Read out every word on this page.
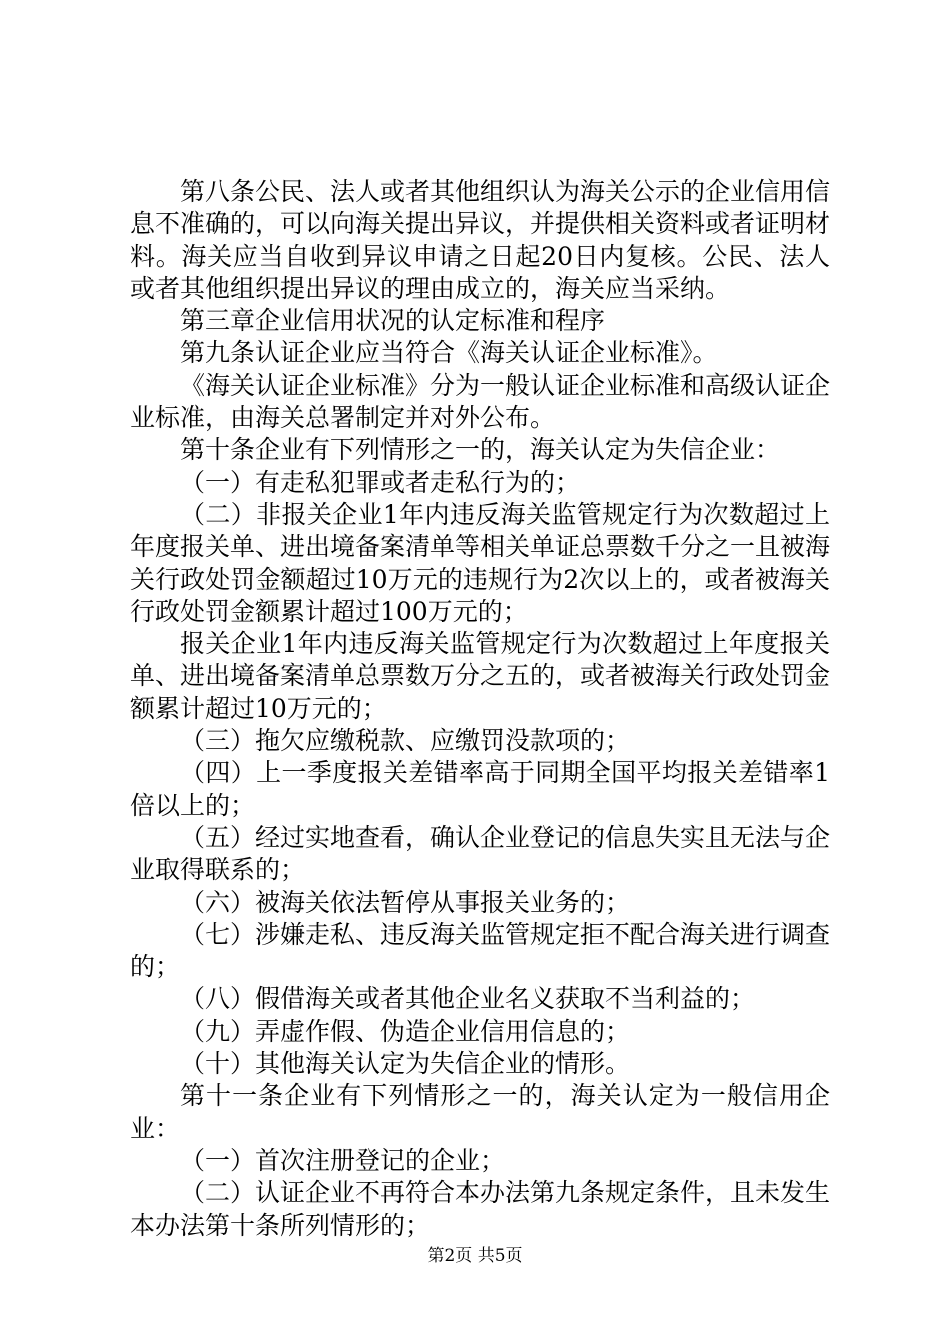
第八条公民、法人或者其他组织认为海关公示的企业信用信息不准确的，可以向海关提出异议，并提供相关资料或者证明材料。海关应当自收到异议申请之日起20日内复核。公民、法人或者其他组织提出异议的理由成立的，海关应当采纳。

第三章企业信用状况的认定标准和程序

第九条认证企业应当符合《海关认证企业标准》。

《海关认证企业标准》分为一般认证企业标准和高级认证企业标准，由海关总署制定并对外公布。

第十条企业有下列情形之一的，海关认定为失信企业：

（一）有走私犯罪或者走私行为的；

（二）非报关企业1年内违反海关监管规定行为次数超过上年度报关单、进出境备案清单等相关单证总票数千分之一且被海关行政处罚金额超过10万元的违规行为2次以上的，或者被海关行政处罚金额累计超过100万元的；

报关企业1年内违反海关监管规定行为次数超过上年度报关单、进出境备案清单总票数万分之五的，或者被海关行政处罚金额累计超过10万元的；

（三）拖欠应缴税款、应缴罚没款项的；

（四）上一季度报关差错率高于同期全国平均报关差错率1倍以上的；

（五）经过实地查看，确认企业登记的信息失实且无法与企业取得联系的；

（六）被海关依法暂停从事报关业务的；

（七）涉嫌走私、违反海关监管规定拒不配合海关进行调查的；

（八）假借海关或者其他企业名义获取不当利益的；

（九）弄虚作假、伪造企业信用信息的；

（十）其他海关认定为失信企业的情形。

第十一条企业有下列情形之一的，海关认定为一般信用企业：

（一）首次注册登记的企业；

（二）认证企业不再符合本办法第九条规定条件，且未发生本办法第十条所列情形的；

第2页 共5页
